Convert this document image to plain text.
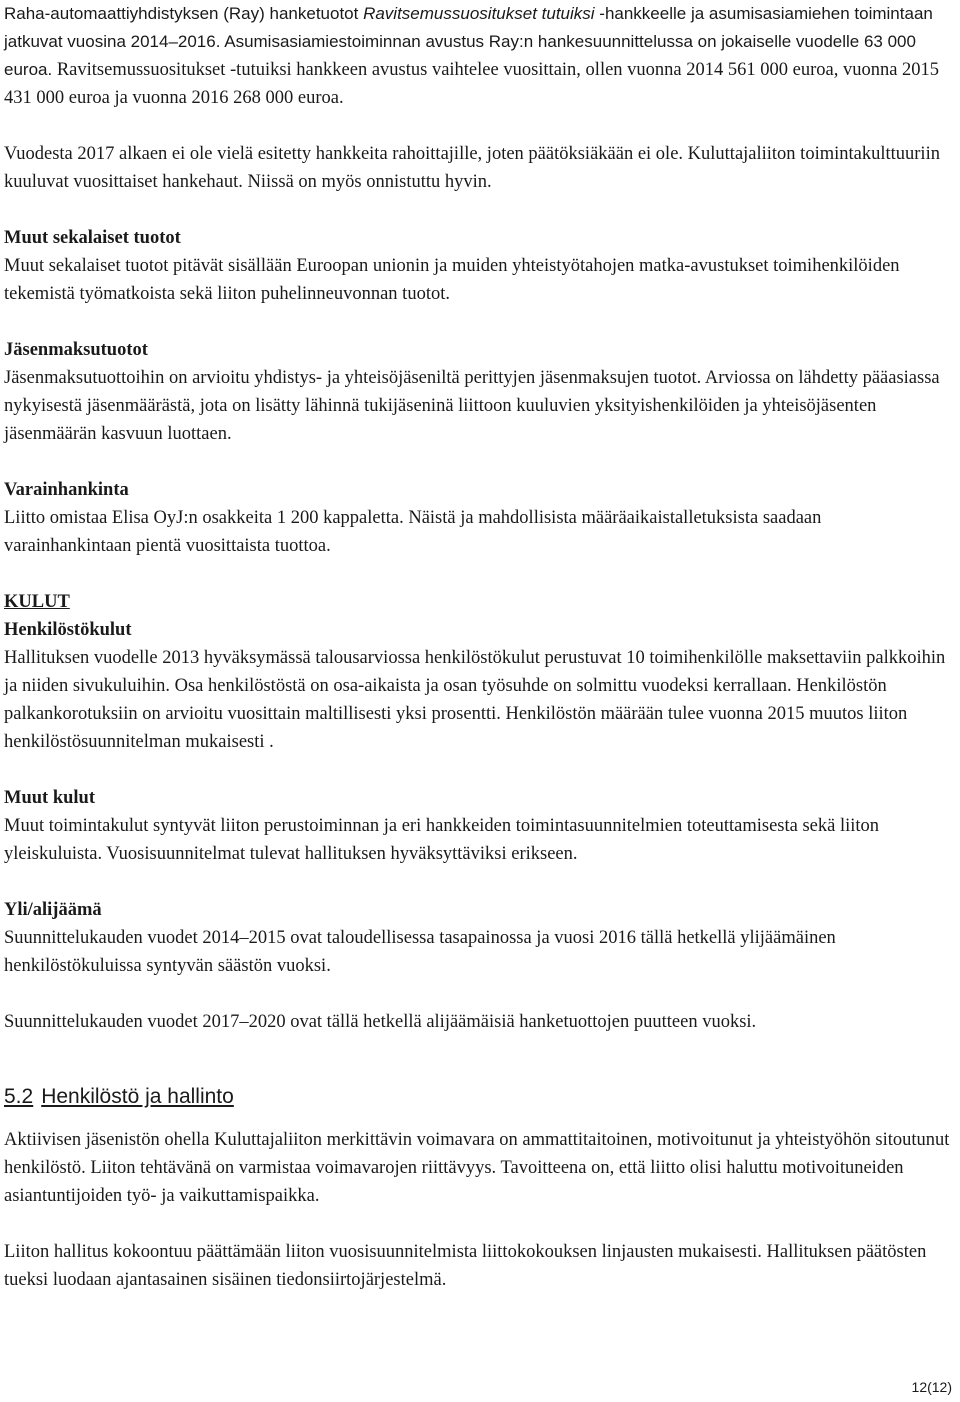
Raha-automaattiyhdistyksen (Ray) hanketuotot Ravitsemussuositukset tutuiksi -hankkeelle ja asumisasiamiehen toimintaan jatkuvat vuosina 2014–2016. Asumisasiamiestoiminnan avustus Ray:n hankesuunnittelussa on jokaiselle vuodelle 63 000 euroa. Ravitsemussuositukset -tutuiksi hankkeen avustus vaihtelee vuosittain, ollen vuonna 2014 561 000 euroa, vuonna 2015 431 000 euroa ja vuonna 2016 268 000 euroa.

Vuodesta 2017 alkaen ei ole vielä esitetty hankkeita rahoittajille, joten päätöksiäkään ei ole. Kuluttajaliiton toimintakulttuuriin kuuluvat vuosittaiset hankehaut. Niissä on myös onnistuttu hyvin.

Muut sekalaiset tuotot

Muut sekalaiset tuotot pitävät sisällään Euroopan unionin ja muiden yhteistyötahojen matka-avustukset toimihenkilöiden tekemistä työmatkoista sekä liiton puhelinneuvonnan tuotot.

Jäsenmaksutuotot

Jäsenmaksutuottoihin on arvioitu yhdistys- ja yhteisöjäseniltä perittyjen jäsenmaksujen tuotot. Arviossa on lähdetty pääasiassa nykyisestä jäsenmäärästä, jota on lisätty lähinnä tukijäseninä liittoon kuuluvien yksityishenkilöiden ja yhteisöjäsenten jäsenmäärän kasvuun luottaen.

Varainhankinta

Liitto omistaa Elisa OyJ:n osakkeita 1 200 kappaletta. Näistä ja mahdollisista määräaikaistalletuksista saadaan varainhankintaan pientä vuosittaista tuottoa.

KULUT

Henkilöstökulut

Hallituksen vuodelle 2013 hyväksymässä talousarviossa henkilöstökulut perustuvat 10 toimihenkilölle maksettaviin palkkoihin ja niiden sivukuluihin. Osa henkilöstöstä on osa-aikaista ja osan työsuhde on solmittu vuodeksi kerrallaan. Henkilöstön palkankorotuksiin on arvioitu vuosittain maltillisesti yksi prosentti. Henkilöstön määrään tulee vuonna 2015 muutos liiton henkilöstösuunnitelman mukaisesti .

Muut kulut

Muut toimintakulut syntyvät liiton perustoiminnan ja eri hankkeiden toimintasuunnitelmien toteuttamisesta sekä liiton yleiskuluista. Vuosisuunnitelmat tulevat hallituksen hyväksyttäviksi erikseen.

Yli/alijäämä

Suunnittelukauden vuodet 2014–2015 ovat taloudellisessa tasapainossa ja vuosi 2016 tällä hetkellä ylijäämäinen henkilöstökuluissa syntyvän säästön vuoksi.

Suunnittelukauden vuodet 2017–2020 ovat tällä hetkellä alijäämäisiä hanketuottojen puutteen vuoksi.

5.2 Henkilöstö ja hallinto

Aktiivisen jäsenistön ohella Kuluttajaliiton merkittävin voimavara on ammattitaitoinen, motivoitunut ja yhteistyöhön sitoutunut henkilöstö. Liiton tehtävänä on varmistaa voimavarojen riittävyys. Tavoitteena on, että liitto olisi haluttu motivoituneiden asiantuntijoiden työ- ja vaikuttamispaikka.

Liiton hallitus kokoontuu päättämään liiton vuosisuunnitelmista liittokokouksen linjausten mukaisesti. Hallituksen päätösten tueksi luodaan ajantasainen sisäinen tiedonsiirtojärjestelmä.

12(12)
